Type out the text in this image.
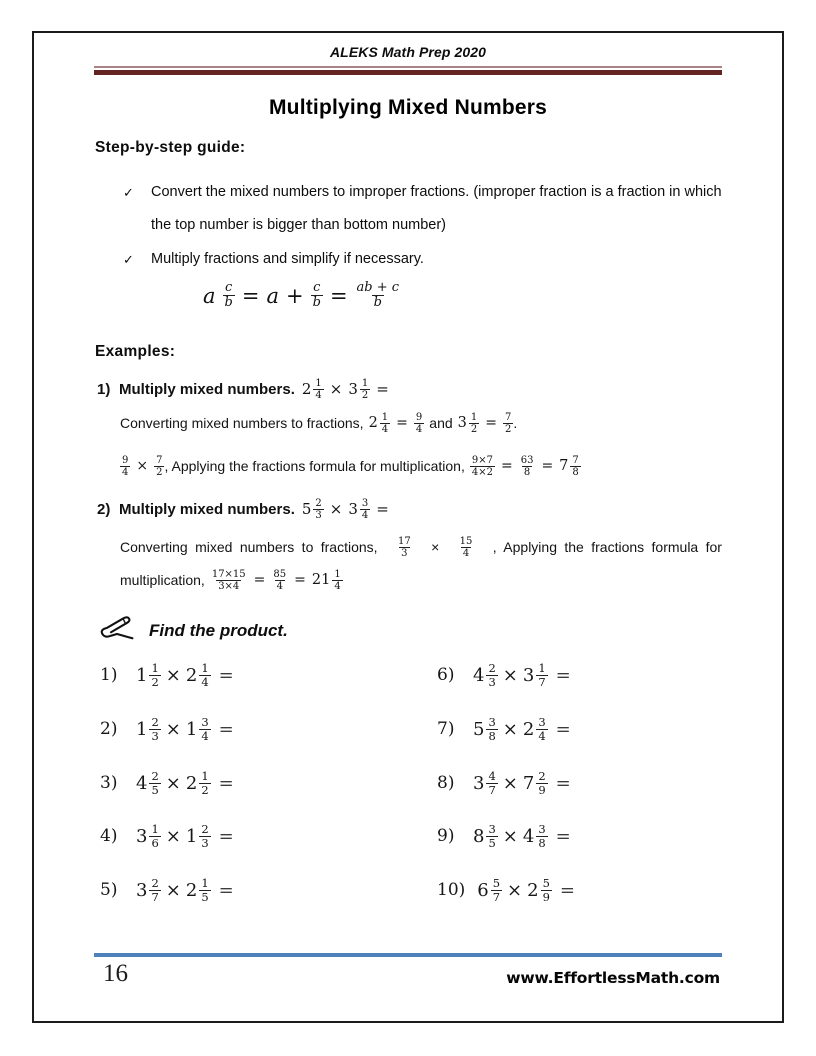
ALEKS Math Prep 2020
Multiplying Mixed Numbers
Step-by-step guide:
✓ Convert the mixed numbers to improper fractions. (improper fraction is a fraction in which the top number is bigger than bottom number)
✓ Multiply fractions and simplify if necessary.
a $\frac{c}{b} = a + \frac{c}{b} = \frac{ab + c}{b}$
Examples:
1) Multiply mixed numbers. $2 \frac{1}{4} \times 3 \frac{1}{2}$ =
Converting mixed numbers to fractions, $2 \frac{1}{4} = \frac{9}{4}$ and $3 \frac{1}{2} = \frac{7}{2}$ .
$\frac{9}{4} \times \frac{7}{2}$ , Applying the fractions formula for multiplication, $\frac{9\times 7}{4\times 2} = \frac{63}{8} = 7 \frac{7}{8}$
2) Multiply mixed numbers. $5 \frac{2}{3} \times 3 \frac{3}{4}$ =
Converting mixed numbers to fractions, $\frac{17}{3} \times \frac{15}{4}$ , Applying the fractions formula for
multiplication, $\frac{17\times 15}{3\times 4} = \frac{85}{4} = 21 \frac{1}{4}$
Find the product.
1)	$1 \frac{1}{2} \times 2 \frac{1}{4}$ =
2)	$1 \frac{2}{3} \times 1 \frac{3}{4}$ =
3)	$4 \frac{2}{5} \times 2 \frac{1}{2}$ =
4)	$3 \frac{1}{6} \times 1 \frac{2}{3}$ =
5)	$3 \frac{2}{7} \times 2 \frac{1}{5}$ =
6)	$4 \frac{2}{3} \times 3 \frac{1}{7}$ =
7)	$5 \frac{3}{8} \times 2 \frac{3}{4}$ =
8)	$3 \frac{4}{7} \times 7 \frac{2}{9}$ =
9)	$8 \frac{3}{5} \times 4 \frac{3}{8}$ =
10) $6 \frac{5}{7} \times 2 \frac{5}{9}$ =
16	www.EffortlessMath.com
